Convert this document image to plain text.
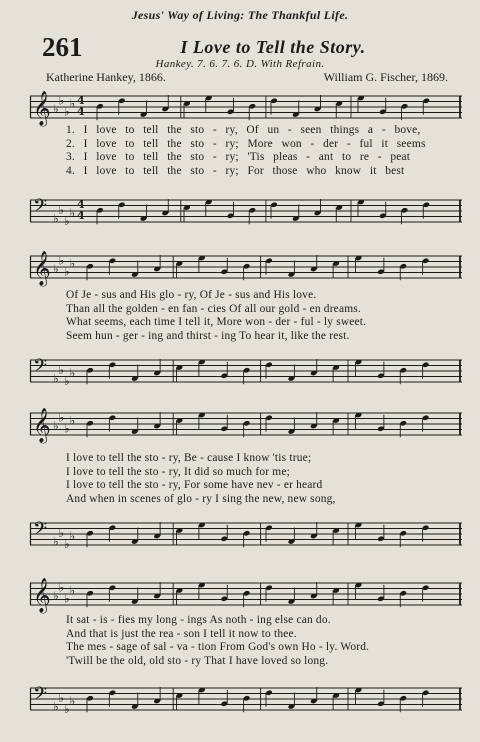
Jesus' Way of Living: The Thankful Life.
261	I Love to Tell the Story.
Hankey. 7. 6. 7. 6. D. With Refrain.
Katherine Hankey, 1866.	William G. Fischer, 1869.
𝄞 ♭
♭
♭
♭ 4
4
1. I love to tell the sto - ry, Of un - seen things a - bove,
2. I love to tell the sto - ry; More won - der - ful it seems
3. I love to tell the sto - ry; 'Tis pleas - ant to re - peat
4. I love to tell the sto - ry; For those who know it best
𝄢 ♭
♭
♭
♭
4
4
𝄞 ♭
♭
♭
♭
Of Je - sus and His glo - ry, Of Je - sus and His love.
Than all the golden - en fan - cies Of all our gold - en dreams.
What seems, each time I tell it, More won - der - ful - ly sweet.
Seem hun - ger - ing and thirst - ing To hear it, like the rest.
𝄢 ♭
♭
♭
♭
𝄞 ♭
♭
♭
♭
I love to tell the sto - ry, Be - cause I know 'tis true;
I love to tell the sto - ry, It did so much for me;
I love to tell the sto - ry, For some have nev - er heard
And when in scenes of glo - ry I sing the new, new song,
𝄢 ♭
♭
♭
♭
𝄞 ♭
♭
♭
♭
It sat - is - fies my long - ings As noth - ing else can do.
And that is just the rea - son I tell it now to thee.
The mes - sage of sal - va - tion From God's own Ho - ly. Word.
'Twill be the old, old sto - ry That I have loved so long.
𝄢 ♭
♭
♭
♭
